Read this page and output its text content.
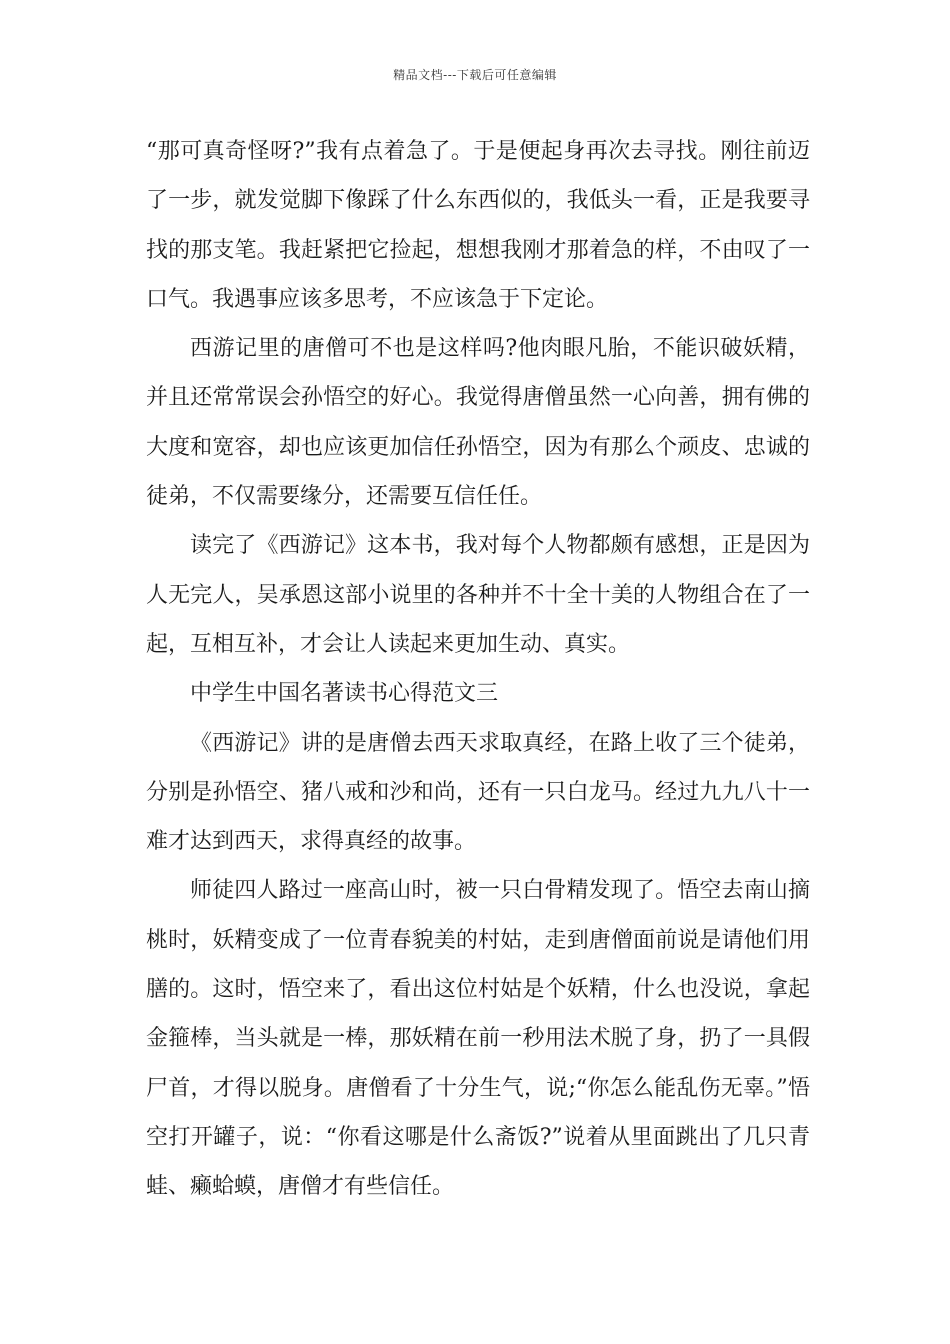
精品文档---下载后可任意编辑

“那可真奇怪呀?”我有点着急了。于是便起身再次去寻找。刚往前迈了一步，就发觉脚下像踩了什么东西似的，我低头一看，正是我要寻找的那支笔。我赶紧把它捡起，想想我刚才那着急的样，不由叹了一口气。我遇事应该多思考，不应该急于下定论。

西游记里的唐僧可不也是这样吗?他肉眼凡胎，不能识破妖精，并且还常常误会孙悟空的好心。我觉得唐僧虽然一心向善，拥有佛的大度和宽容，却也应该更加信任孙悟空，因为有那么个顽皮、忠诚的徒弟，不仅需要缘分，还需要互信任任。

读完了《西游记》这本书，我对每个人物都颇有感想，正是因为人无完人，吴承恩这部小说里的各种并不十全十美的人物组合在了一起，互相互补，才会让人读起来更加生动、真实。

中学生中国名著读书心得范文三

《西游记》讲的是唐僧去西天求取真经，在路上收了三个徒弟，分别是孙悟空、猪八戒和沙和尚，还有一只白龙马。经过九九八十一难才达到西天，求得真经的故事。

师徒四人路过一座高山时，被一只白骨精发现了。悟空去南山摘桃时，妖精变成了一位青春貌美的村姑，走到唐僧面前说是请他们用膳的。这时，悟空来了，看出这位村姑是个妖精，什么也没说，拿起金箍棒，当头就是一棒，那妖精在前一秒用法术脱了身，扔了一具假尸首，才得以脱身。唐僧看了十分生气，说;“你怎么能乱伤无辜。”悟空打开罐子，说：“你看这哪是什么斋饭?”说着从里面跳出了几只青蛙、癞蛤蟆，唐僧才有些信任。
